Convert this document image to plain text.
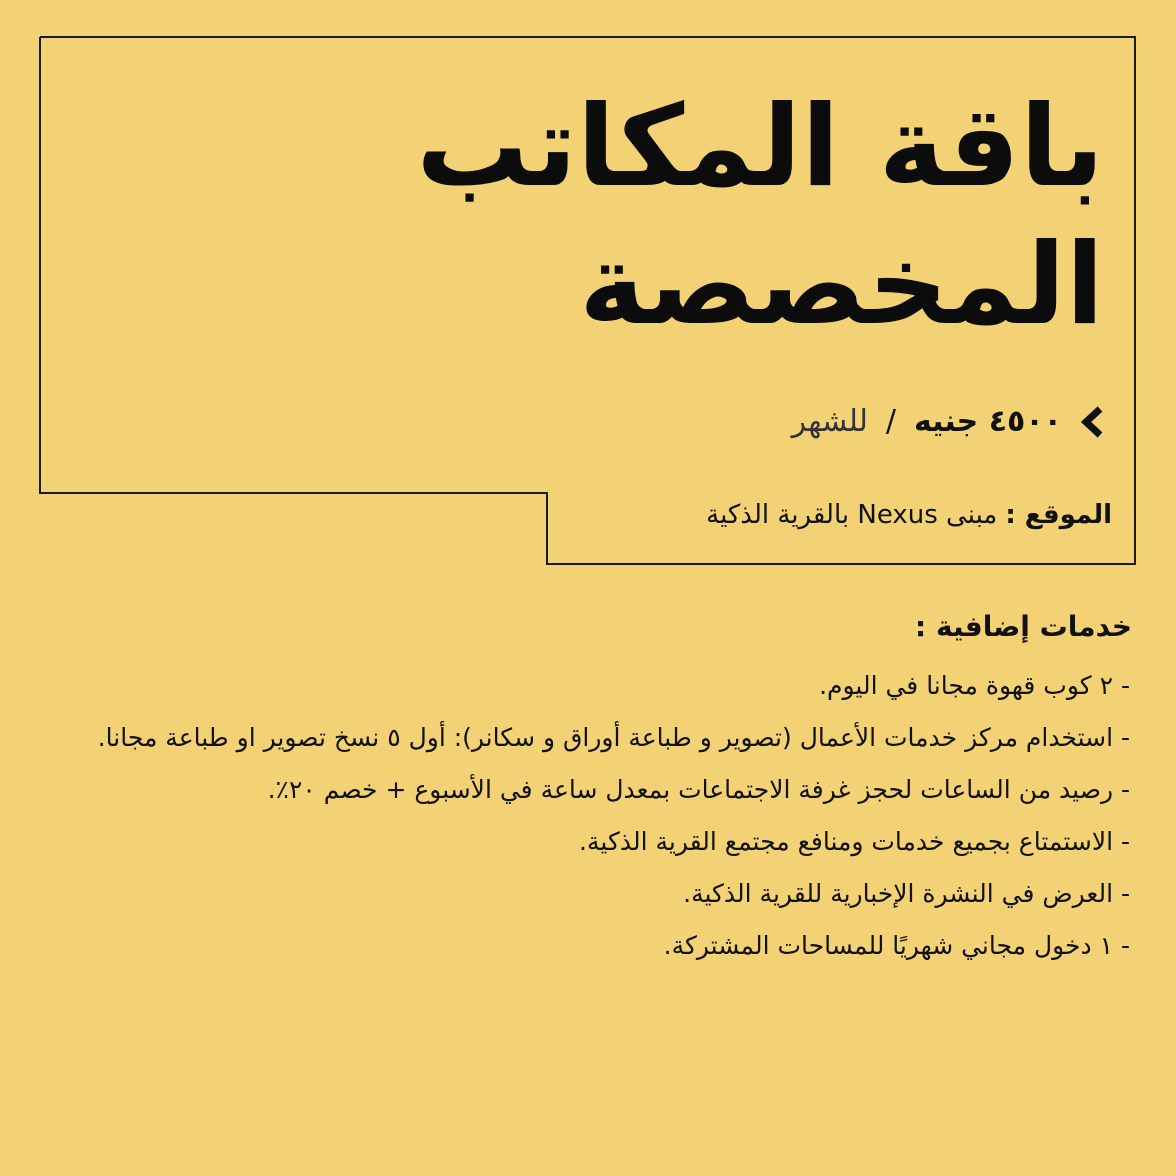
باقة المكاتب
المخصصة
٤٥٠٠ جنيه
/
للشهر
الموقع :
مبنى Nexus بالقرية الذكية
خدمات إضافية :
- ٢ كوب قهوة مجانا في اليوم.
- استخدام مركز خدمات الأعمال (تصوير و طباعة أوراق و سكانر): أول ٥ نسخ تصوير او طباعة مجانا.
- رصيد من الساعات لحجز غرفة الاجتماعات بمعدل ساعة في الأسبوع + خصم ٢٠٪.
- الاستمتاع بجميع خدمات ومنافع مجتمع القرية الذكية.
- العرض في النشرة الإخبارية للقرية الذكية.
- ١ دخول مجاني شهريًا للمساحات المشتركة.
